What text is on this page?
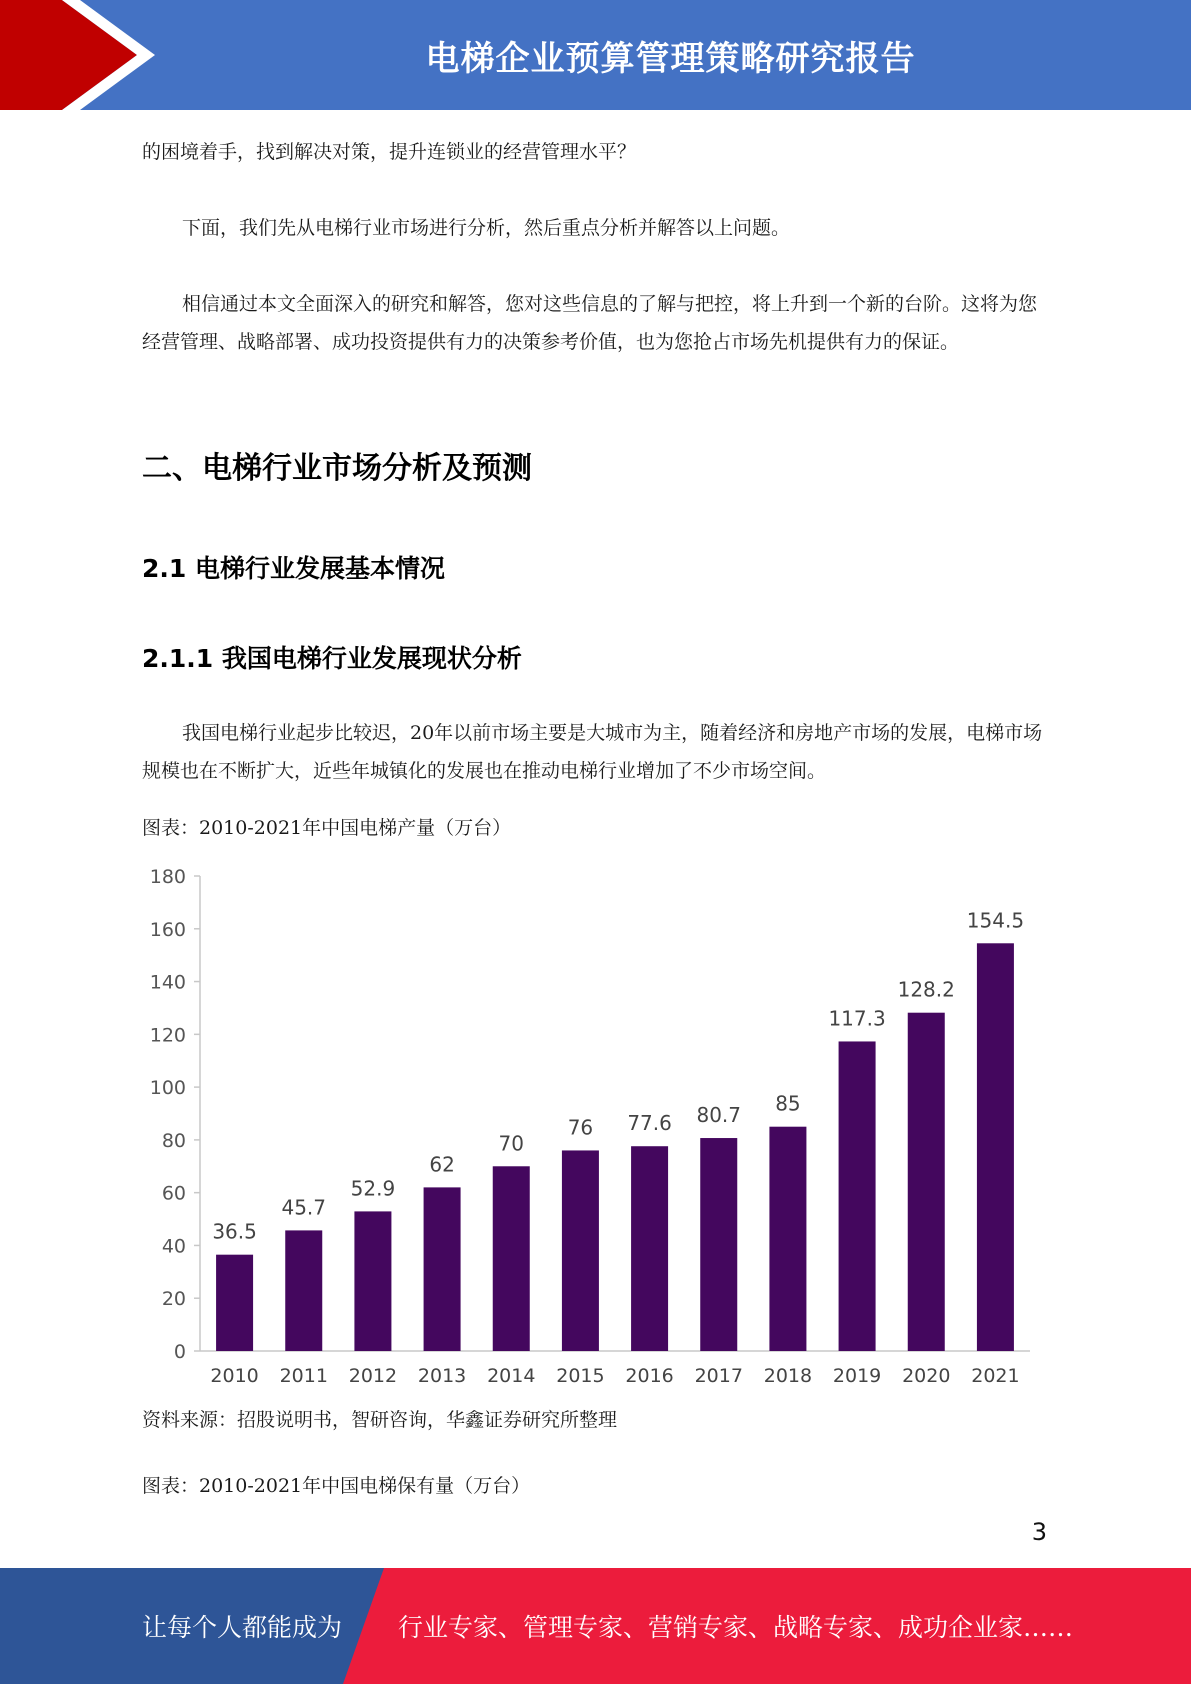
电梯企业预算管理策略研究报告

的困境着手，找到解决对策，提升连锁业的经营管理水平？

下面，我们先从电梯行业市场进行分析，然后重点分析并解答以上问题。

相信通过本文全面深入的研究和解答，您对这些信息的了解与把控，将上升到一个新的台阶。这将为您经营管理、战略部署、成功投资提供有力的决策参考价值，也为您抢占市场先机提供有力的保证。

二、电梯行业市场分析及预测
2.1 电梯行业发展基本情况
2.1.1 我国电梯行业发展现状分析

我国电梯行业起步比较迟，20年以前市场主要是大城市为主，随着经济和房地产市场的发展，电梯市场规模也在不断扩大，近些年城镇化的发展也在推动电梯行业增加了不少市场空间。

图表：2010-2021年中国电梯产量（万台）

资料来源：招股说明书，智研咨询，华鑫证券研究所整理

图表：2010-2021年中国电梯保有量（万台）

0
20
40
60
80
100
120
140
160
180
36.5
2010
45.7
2011
52.9
2012
62
2013
70
2014
76
2015
77.6
2016
80.7
2017
85
2018
117.3
2019
128.2
2020
154.5
2021
3
让每个人都能成为 行业专家、管理专家、营销专家、战略专家、成功企业家……
